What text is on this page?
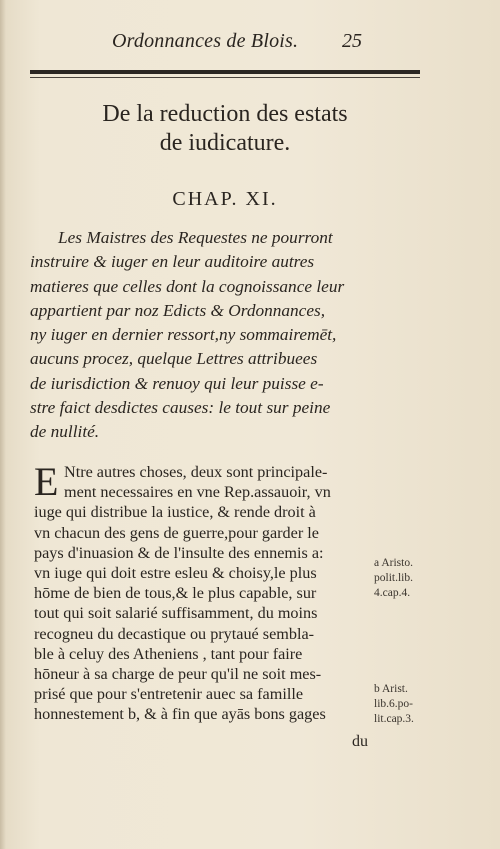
Ordonnances de Blois. 25
De la reduction des estats
de iudicature.
CHAP. XI.
Les Maistres des Requestes ne pourront
instruire & iuger en leur auditoire autres
matieres que celles dont la cognoissance leur
appartient par noz Edicts & Ordonnances,
ny iuger en dernier ressort,ny sommairemēt,
aucuns procez, quelque Lettres attribuees
de iurisdiction & renuoy qui leur puisse e-
stre faict desdictes causes: le tout sur peine
de nullité.
E Ntre autres choses, deux sont principale-
ment necessaires en vne Rep.assauoir, vn
iuge qui distribue la iustice, & rende droit à
vn chacun des gens de guerre,pour garder le
pays d'inuasion & de l'insulte des ennemis a:
vn iuge qui doit estre esleu & choisy,le plus
hōme de bien de tous,& le plus capable, sur
tout qui soit salarié suffisamment, du moins
recogneu du decastique ou prytaué sembla-
ble à celuy des Atheniens , tant pour faire
hōneur à sa charge de peur qu'il ne soit mes-
prisé que pour s'entretenir auec sa famille
honnestement b, & à fin que ayās bons gages
a Aristo.
polit.lib.
4.cap.4.
b Arist.
lib.6.po-
lit.cap.3.
du
